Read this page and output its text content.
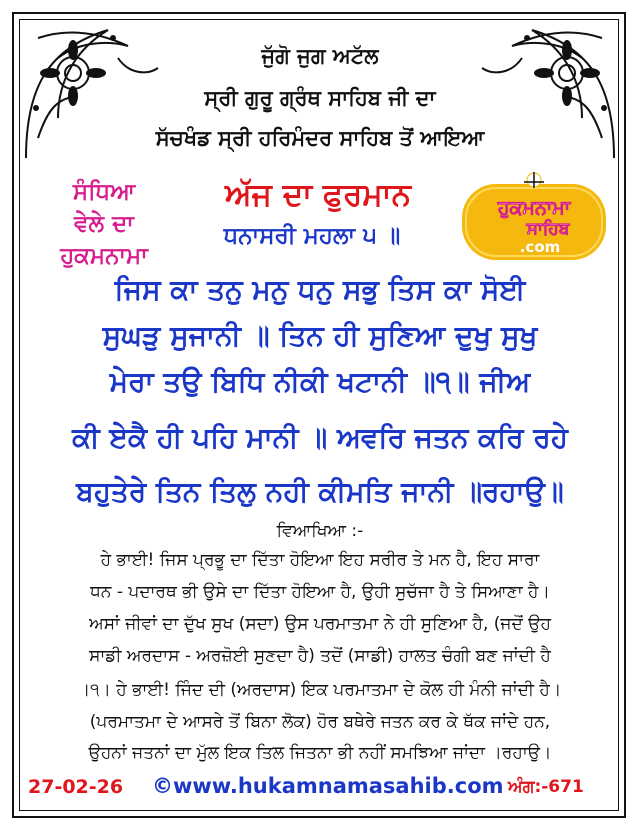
ਜੁੱਗੋ ਜੁਗ ਅਟੱਲ
ਸ੍ਰੀ ਗੁਰੂ ਗ੍ਰੰਥ ਸਾਹਿਬ ਜੀ ਦਾ
ਸੱਚਖੰਡ ਸ੍ਰੀ ਹਰਿਮੰਦਰ ਸਾਹਿਬ ਤੋਂ ਆਇਆ
ਸੰਧਿਆ
ਵੇਲੇ ਦਾ
ਹੁਕਮਨਾਮਾ
ਅੱਜ ਦਾ ਫੁਰਮਾਨ
ਧਨਾਸਰੀ ਮਹਲਾ ੫ ॥
ਹੁਕਮਨਾਮਾ
ਸਾਹਿਬ
.com
ਜਿਸ ਕਾ ਤਨੁ ਮਨੁ ਧਨੁ ਸਭੁ ਤਿਸ ਕਾ ਸੋਈ
ਸੁਘੜੁ ਸੁਜਾਨੀ ॥ ਤਿਨ ਹੀ ਸੁਣਿਆ ਦੁਖੁ ਸੁਖੁ
ਮੇਰਾ ਤਉ ਬਿਧਿ ਨੀਕੀ ਖਟਾਨੀ ॥੧॥ ਜੀਅ
ਕੀ ਏਕੈ ਹੀ ਪਹਿ ਮਾਨੀ ॥ ਅਵਰਿ ਜਤਨ ਕਰਿ ਰਹੇ
ਬਹੁਤੇਰੇ ਤਿਨ ਤਿਲੁ ਨਹੀ ਕੀਮਤਿ ਜਾਨੀ ॥ਰਹਾਉ॥
ਵਿਆਖਿਆ :-
ਹੇ ਭਾਈ! ਜਿਸ ਪ੍ਰਭੂ ਦਾ ਦਿੱਤਾ ਹੋਇਆ ਇਹ ਸਰੀਰ ਤੇ ਮਨ ਹੈ, ਇਹ ਸਾਰਾ
ਧਨ - ਪਦਾਰਥ ਭੀ ਉਸੇ ਦਾ ਦਿੱਤਾ ਹੋਇਆ ਹੈ, ਉਹੀ ਸੁਚੱਜਾ ਹੈ ਤੇ ਸਿਆਣਾ ਹੈ।
ਅਸਾਂ ਜੀਵਾਂ ਦਾ ਦੁੱਖ ਸੁਖ (ਸਦਾ) ਉਸ ਪਰਮਾਤਮਾ ਨੇ ਹੀ ਸੁਣਿਆ ਹੈ, (ਜਦੋਂ ਉਹ
ਸਾਡੀ ਅਰਦਾਸ - ਅਰਜ਼ੋਈ ਸੁਣਦਾ ਹੈ) ਤਦੋਂ (ਸਾਡੀ) ਹਾਲਤ ਚੰਗੀ ਬਣ ਜਾਂਦੀ ਹੈ
।੧। ਹੇ ਭਾਈ! ਜਿੰਦ ਦੀ (ਅਰਦਾਸ) ਇਕ ਪਰਮਾਤਮਾ ਦੇ ਕੋਲ ਹੀ ਮੰਨੀ ਜਾਂਦੀ ਹੈ।
(ਪਰਮਾਤਮਾ ਦੇ ਆਸਰੇ ਤੋਂ ਬਿਨਾ ਲੋਕ) ਹੋਰ ਬਥੇਰੇ ਜਤਨ ਕਰ ਕੇ ਥੱਕ ਜਾਂਦੇ ਹਨ,
ਉਹਨਾਂ ਜਤਨਾਂ ਦਾ ਮੁੱਲ ਇਕ ਤਿਲ ਜਿਤਨਾ ਭੀ ਨਹੀਂ ਸਮਝਿਆ ਜਾਂਦਾ ।ਰਹਾਉ।
27-02-26 ©www.hukamnamasahib.com ਅੰਗ:-671
